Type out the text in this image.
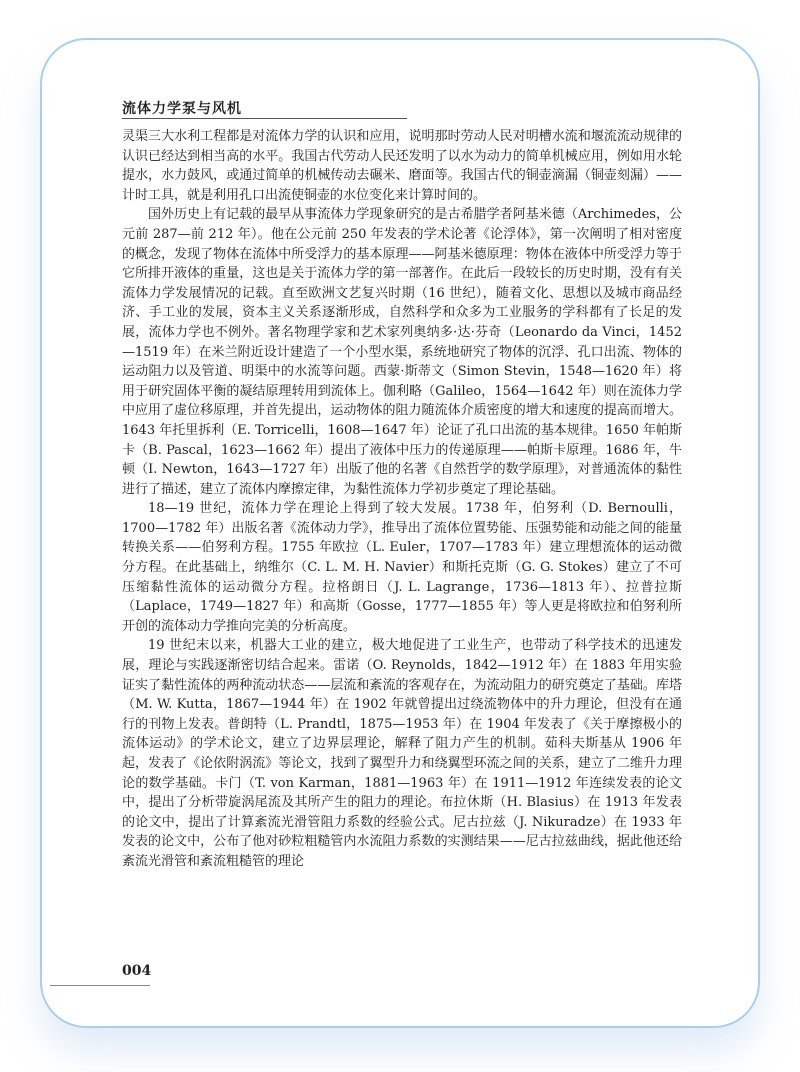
流体力学泵与风机

灵渠三大水利工程都是对流体力学的认识和应用，说明那时劳动人民对明槽水流和堰流流动规律的认识已经达到相当高的水平。我国古代劳动人民还发明了以水为动力的简单机械应用，例如用水轮提水，水力鼓风，或通过简单的机械传动去碾米、磨面等。我国古代的铜壶滴漏（铜壶刻漏）——计时工具，就是利用孔口出流使铜壶的水位变化来计算时间的。

国外历史上有记载的最早从事流体力学现象研究的是古希腊学者阿基米德（Archimedes，公元前 287—前 212 年）。他在公元前 250 年发表的学术论著《论浮体》，第一次阐明了相对密度的概念，发现了物体在流体中所受浮力的基本原理——阿基米德原理：物体在液体中所受浮力等于它所排开液体的重量，这也是关于流体力学的第一部著作。在此后一段较长的历史时期，没有有关流体力学发展情况的记载。直至欧洲文艺复兴时期（16 世纪），随着文化、思想以及城市商品经济、手工业的发展，资本主义关系逐渐形成，自然科学和众多为工业服务的学科都有了长足的发展，流体力学也不例外。著名物理学家和艺术家列奥纳多·达·芬奇（Leonardo da Vinci，1452—1519 年）在米兰附近设计建造了一个小型水渠，系统地研究了物体的沉浮、孔口出流、物体的运动阻力以及管道、明渠中的水流等问题。西蒙·斯蒂文（Simon Stevin，1548—1620 年）将用于研究固体平衡的凝结原理转用到流体上。伽利略（Galileo，1564—1642 年）则在流体力学中应用了虚位移原理，并首先提出，运动物体的阻力随流体介质密度的增大和速度的提高而增大。1643 年托里拆利（E. Torricelli，1608—1647 年）论证了孔口出流的基本规律。1650 年帕斯卡（B. Pascal，1623—1662 年）提出了液体中压力的传递原理——帕斯卡原理。1686 年，牛顿（I. Newton，1643—1727 年）出版了他的名著《自然哲学的数学原理》，对普通流体的黏性进行了描述，建立了流体内摩擦定律，为黏性流体力学初步奠定了理论基础。

18—19 世纪，流体力学在理论上得到了较大发展。1738 年，伯努利（D. Bernoulli，1700—1782 年）出版名著《流体动力学》，推导出了流体位置势能、压强势能和动能之间的能量转换关系——伯努利方程。1755 年欧拉（L. Euler，1707—1783 年）建立理想流体的运动微分方程。在此基础上，纳维尔（C. L. M. H. Navier）和斯托克斯（G. G. Stokes）建立了不可压缩黏性流体的运动微分方程。拉格朗日（J. L. Lagrange，1736—1813 年）、拉普拉斯（Laplace，1749—1827 年）和高斯（Gosse，1777—1855 年）等人更是将欧拉和伯努利所开创的流体动力学推向完美的分析高度。

19 世纪末以来，机器大工业的建立，极大地促进了工业生产，也带动了科学技术的迅速发展，理论与实践逐渐密切结合起来。雷诺（O. Reynolds，1842—1912 年）在 1883 年用实验证实了黏性流体的两种流动状态——层流和紊流的客观存在，为流动阻力的研究奠定了基础。库塔（M. W. Kutta，1867—1944 年）在 1902 年就曾提出过绕流物体中的升力理论，但没有在通行的刊物上发表。普朗特（L. Prandtl，1875—1953 年）在 1904 年发表了《关于摩擦极小的流体运动》的学术论文，建立了边界层理论，解释了阻力产生的机制。茹科夫斯基从 1906 年起，发表了《论依附涡流》等论文，找到了翼型升力和绕翼型环流之间的关系，建立了二维升力理论的数学基础。卡门（T. von Karman，1881—1963 年）在 1911—1912 年连续发表的论文中，提出了分析带旋涡尾流及其所产生的阻力的理论。布拉休斯（H. Blasius）在 1913 年发表的论文中，提出了计算紊流光滑管阻力系数的经验公式。尼古拉兹（J. Nikuradze）在 1933 年发表的论文中，公布了他对砂粒粗糙管内水流阻力系数的实测结果——尼古拉兹曲线，据此他还给紊流光滑管和紊流粗糙管的理论

004
